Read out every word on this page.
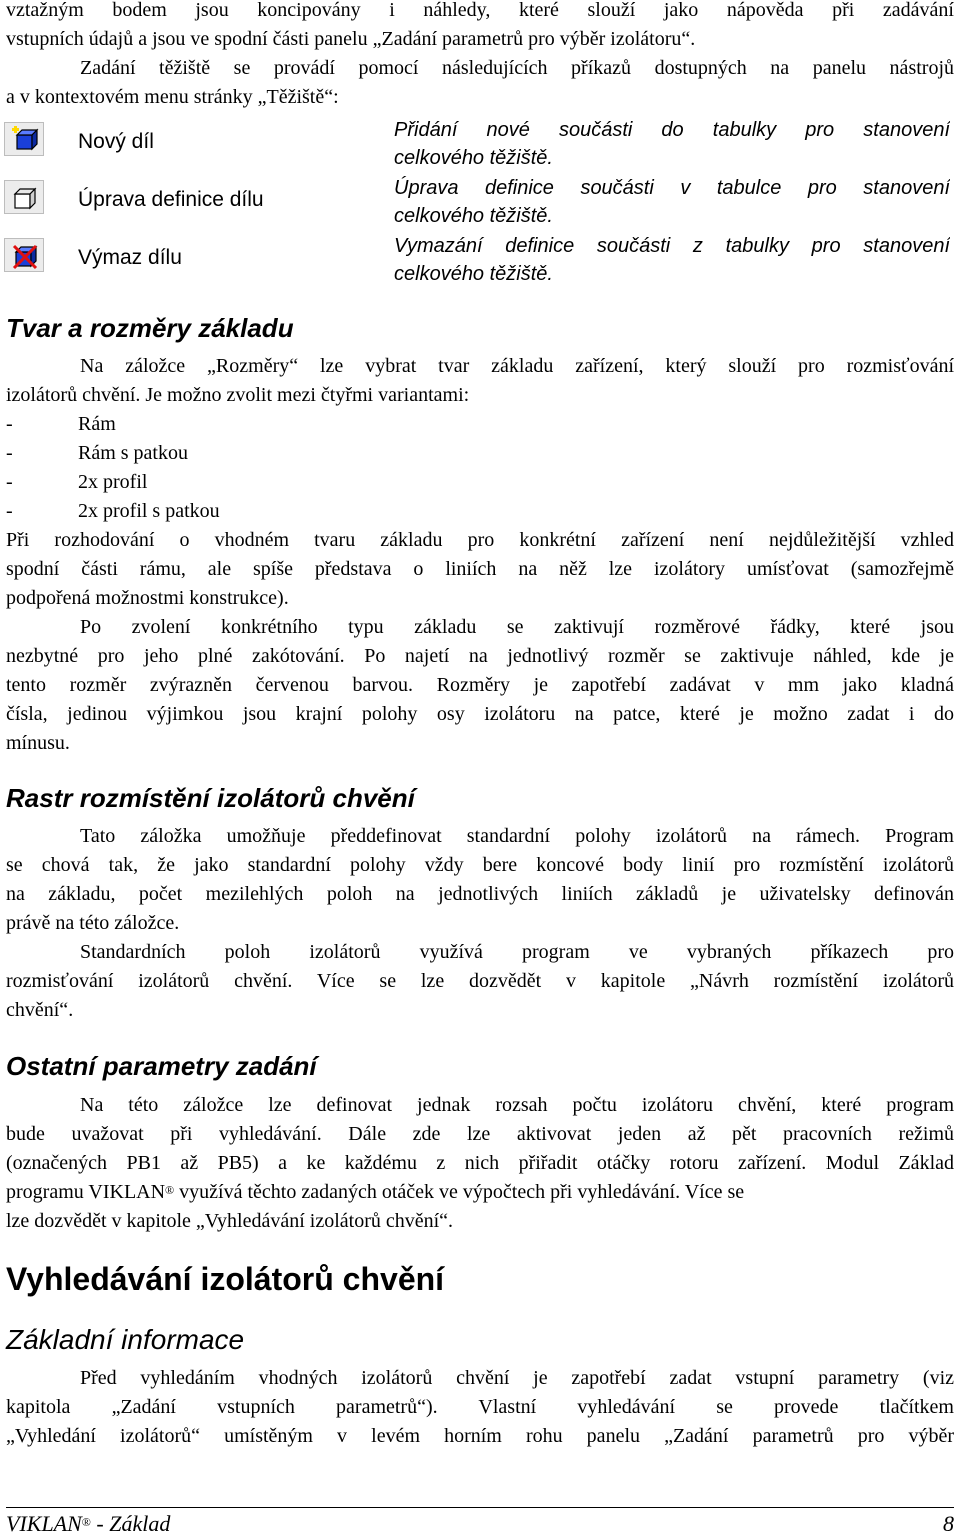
vztažným bodem jsou koncipovány i náhledy, které slouží jako nápověda při zadávání
vstupních údajů a jsou ve spodní části panelu „Zadání parametrů pro výběr izolátoru“.
Zadání těžiště se provádí pomocí následujících příkazů dostupných na panelu nástrojů
a v kontextovém menu stránky „Těžiště“:
Nový díl	Přidání nové součásti do tabulky pro stanovení
celkového těžiště.
Úprava definice dílu	Úprava definice součásti v tabulce pro stanovení
celkového těžiště.
Výmaz dílu	Vymazání definice součásti z tabulky pro stanovení
celkového těžiště.
Tvar a rozměry základu
Na záložce „Rozměry“ lze vybrat tvar základu zařízení, který slouží pro rozmisťování
izolátorů chvění. Je možno zvolit mezi čtyřmi variantami:
-	Rám
-	Rám s patkou
-	2x profil
-	2x profil s patkou
Při rozhodování o vhodném tvaru základu pro konkrétní zařízení není nejdůležitější vzhled
spodní části rámu, ale spíše představa o liniích na něž lze izolátory umísťovat (samozřejmě
podpořená možnostmi konstrukce).
Po zvolení konkrétního typu základu se zaktivují rozměrové řádky, které jsou
nezbytné pro jeho plné zakótování. Po najetí na jednotlivý rozměr se zaktivuje náhled, kde je
tento rozměr zvýrazněn červenou barvou. Rozměry je zapotřebí zadávat v mm jako kladná
čísla, jedinou výjimkou jsou krajní polohy osy izolátoru na patce, které je možno zadat i do
mínusu.
Rastr rozmístění izolátorů chvění
Tato záložka umožňuje předdefinovat standardní polohy izolátorů na rámech. Program
se chová tak, že jako standardní polohy vždy bere koncové body linií pro rozmístění izolátorů
na základu, počet mezilehlých poloh na jednotlivých liniích základů je uživatelsky definován
právě na této záložce.
Standardních poloh izolátorů využívá program ve vybraných příkazech pro
rozmisťování izolátorů chvění. Více se lze dozvědět v kapitole „Návrh rozmístění izolátorů
chvění“.
Ostatní parametry zadání
Na této záložce lze definovat jednak rozsah počtu izolátoru chvění, které program
bude uvažovat při vyhledávání. Dále zde lze aktivovat jeden až pět pracovních režimů
(označených PB1 až PB5) a ke každému z nich přiřadit otáčky rotoru zařízení. Modul Základ
programu VIKLAN® využívá těchto zadaných otáček ve výpočtech při vyhledávání. Více se
lze dozvědět v kapitole „Vyhledávání izolátorů chvění“.
Vyhledávání izolátorů chvění
Základní informace
Před vyhledáním vhodných izolátorů chvění je zapotřebí zadat vstupní parametry (viz
kapitola „Zadání vstupních parametrů“). Vlastní vyhledávání se provede tlačítkem
„Vyhledání izolátorů“ umístěným v levém horním rohu panelu „Zadání parametrů pro výběr
VIKLAN® - Základ	8
